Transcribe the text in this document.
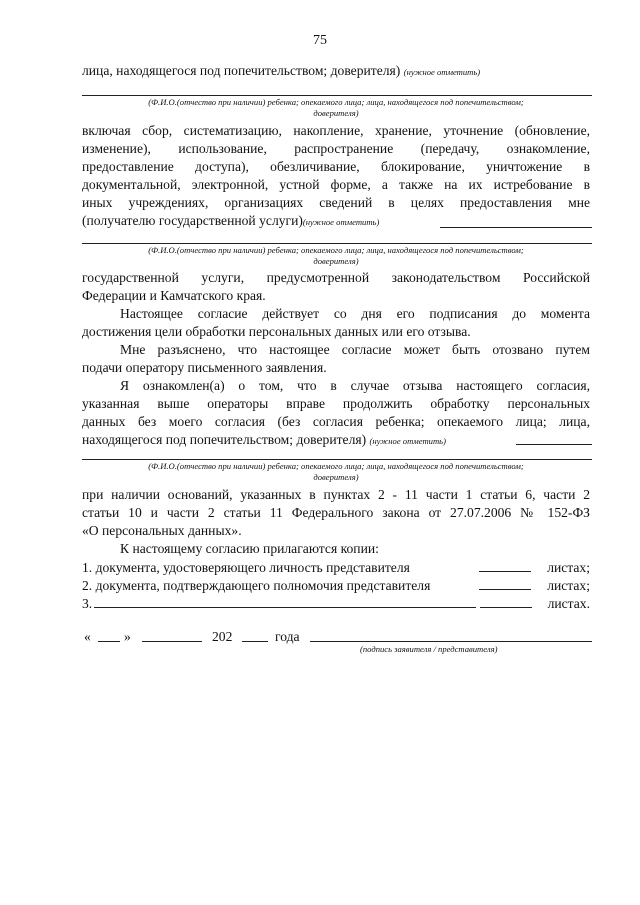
75
лица, находящегося под попечительством; доверителя) (нужное отметить)
(Ф.И.О.(отчество при наличии) ребенка; опекаемого лица; лица, находящегося под попечительством;
доверителя)
включая сбор, систематизацию, накопление, хранение, уточнение (обновление,
изменение), использование, распространение (передачу, ознакомление,
предоставление доступа), обезличивание, блокирование, уничтожение в
документальной, электронной, устной форме, а также на их истребование в
иных учреждениях, организациях сведений в целях предоставления мне
(получателю государственной услуги)(нужное отметить)
(Ф.И.О.(отчество при наличии) ребенка; опекаемого лица; лица, находящегося под попечительством;
доверителя)
государственной услуги, предусмотренной законодательством Российской
Федерации и Камчатского края.
Настоящее согласие действует со дня его подписания до момента
достижения цели обработки персональных данных или его отзыва.
Мне разъяснено, что настоящее согласие может быть отозвано путем
подачи оператору письменного заявления.
Я ознакомлен(а) о том, что в случае отзыва настоящего согласия,
указанная выше операторы вправе продолжить обработку персональных
данных без моего согласия (без согласия ребенка; опекаемого лица; лица,
находящегося под попечительством; доверителя) (нужное отметить)
(Ф.И.О.(отчество при наличии) ребенка; опекаемого лица; лица, находящегося под попечительством;
доверителя)
при наличии оснований, указанных в пунктах 2 - 11 части 1 статьи 6, части 2
статьи 10 и части 2 статьи 11 Федерального закона от 27.07.2006 № 152-ФЗ
«О персональных данных».
К настоящему согласию прилагаются копии:
1. документа, удостоверяющего личность представителя	листах;
2. документа, подтверждающего полномочия представителя	листах;
3.	листах.
« »	202	года
(подпись заявителя / представителя)
